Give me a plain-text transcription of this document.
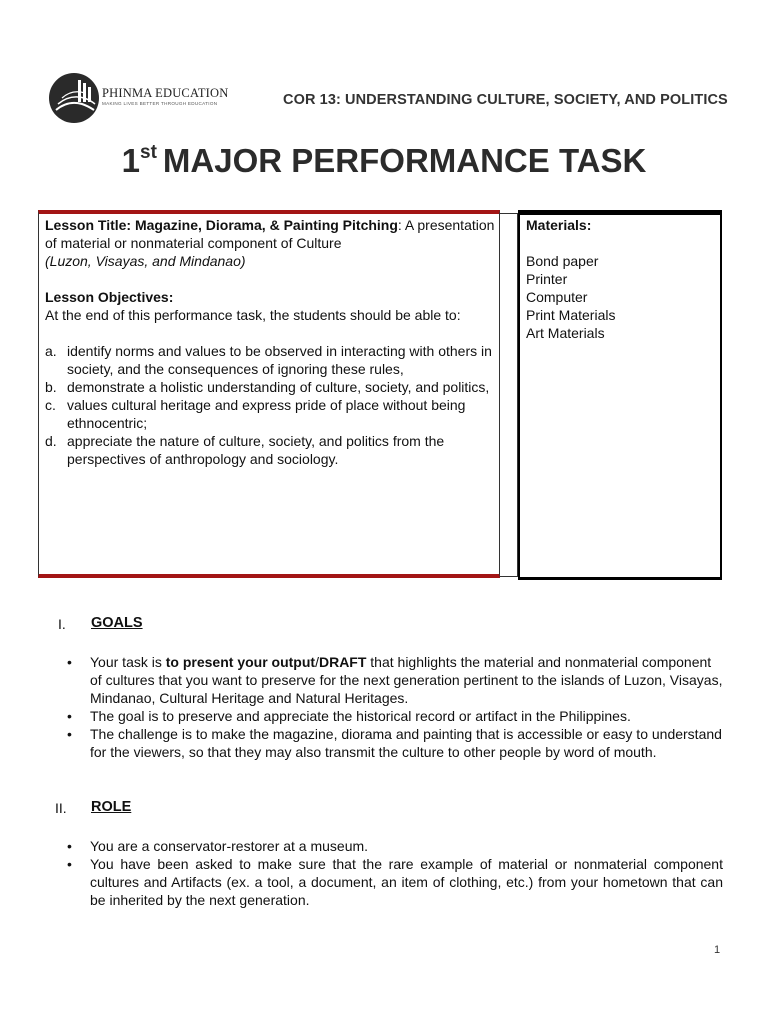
PHINMA EDUCATION
MAKING LIVES BETTER THROUGH EDUCATION	COR 13: UNDERSTANDING CULTURE, SOCIETY, AND POLITICS
1st MAJOR PERFORMANCE TASK
Lesson Title: Magazine, Diorama, & Painting Pitching: A presentation of material or nonmaterial component of Culture
(Luzon, Visayas, and Mindanao)
Lesson Objectives:
At the end of this performance task, the students should be able to:
a. identify norms and values to be observed in interacting with others in society, and the consequences of ignoring these rules,
b. demonstrate a holistic understanding of culture, society, and politics,
c. values cultural heritage and express pride of place without being ethnocentric;
d. appreciate the nature of culture, society, and politics from the perspectives of anthropology and sociology.
Materials:
Bond paper
Printer
Computer
Print Materials
Art Materials
I. GOALS
• Your task is to present your output/DRAFT that highlights the material and nonmaterial component of cultures that you want to preserve for the next generation pertinent to the islands of Luzon, Visayas, Mindanao, Cultural Heritage and Natural Heritages.
• The goal is to preserve and appreciate the historical record or artifact in the Philippines.
• The challenge is to make the magazine, diorama and painting that is accessible or easy to understand for the viewers, so that they may also transmit the culture to other people by word of mouth.
II. ROLE
• You are a conservator-restorer at a museum.
• You have been asked to make sure that the rare example of material or nonmaterial component cultures and Artifacts (ex. a tool, a document, an item of clothing, etc.) from your hometown that can be inherited by the next generation.
1
